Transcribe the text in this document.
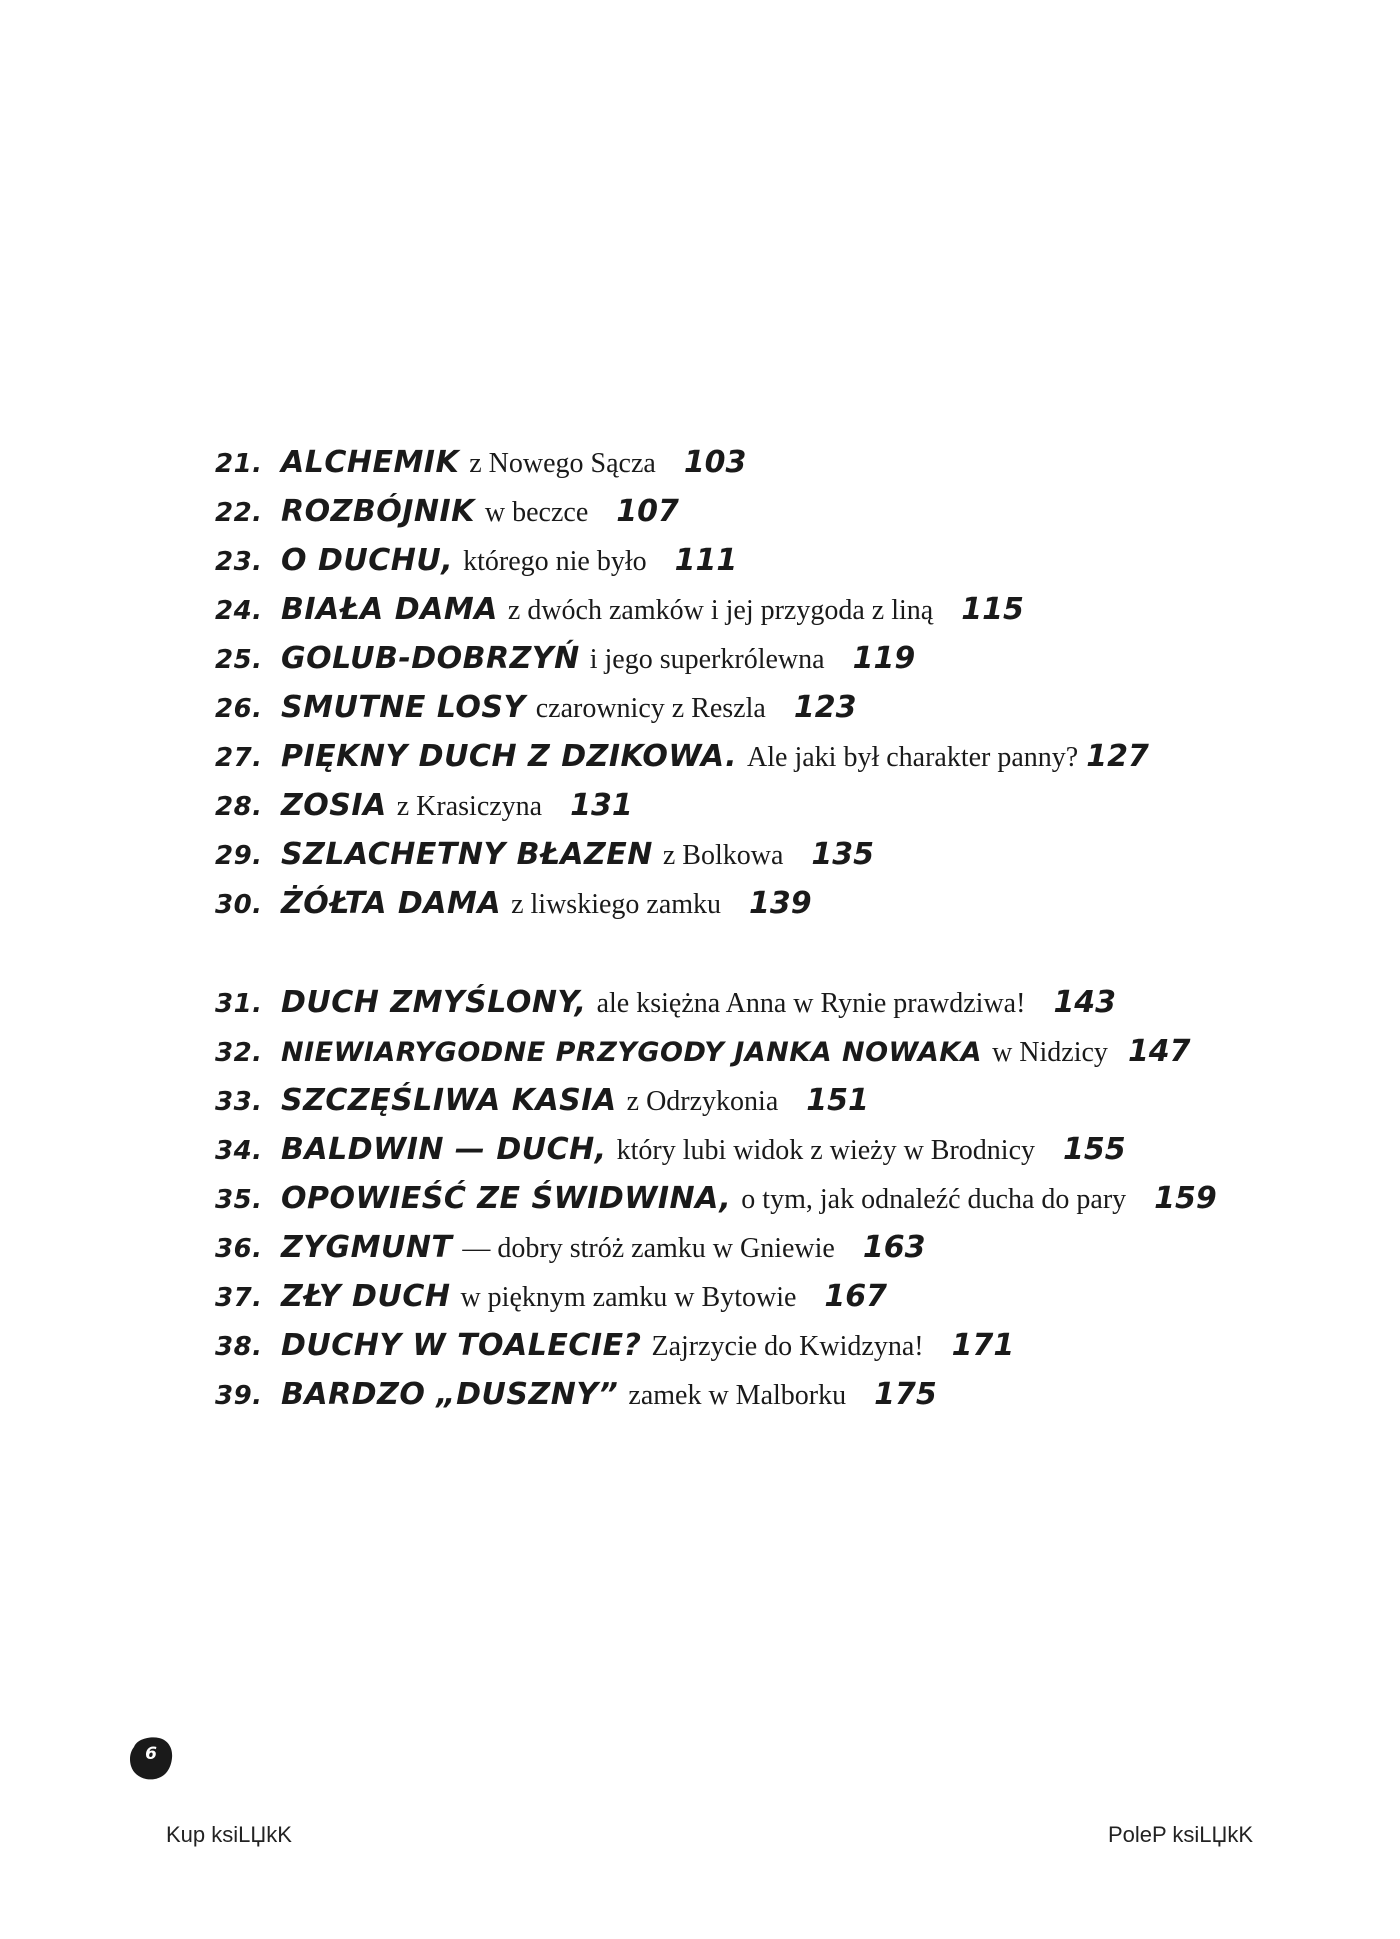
21. ALCHEMIK z Nowego Sącza 103
22. ROZBÓJNIK w beczce 107
23. O DUCHU, którego nie było 111
24. BIAŁA DAMA z dwóch zamków i jej przygoda z liną 115
25. GOLUB-DOBRZYŃ i jego superkrólewna 119
26. SMUTNE LOSY czarownicy z Reszla 123
27. PIĘKNY DUCH Z DZIKOWA. Ale jaki był charakter panny? 127
28. ZOSIA z Krasiczyna 131
29. SZLACHETNY BŁAZEN z Bolkowa 135
30. ŻÓŁTA DAMA z liwskiego zamku 139
31. DUCH ZMYŚLONY, ale księżna Anna w Rynie prawdziwa! 143
32. NIEWIARYGODNE PRZYGODY JANKA NOWAKA w Nidzicy 147
33. SZCZĘŚLIWA KASIA z Odrzykonia 151
34. BALDWIN — DUCH, który lubi widok z wieży w Brodnicy 155
35. OPOWIEŚĆ ZE ŚWIDWINA, o tym, jak odnaleźć ducha do pary 159
36. ZYGMUNT — dobry stróż zamku w Gniewie 163
37. ZŁY DUCH w pięknym zamku w Bytowie 167
38. DUCHY W TOALECIE? Zajrzycie do Kwidzyna! 171
39. BARDZO „DUSZNY” zamek w Malborku 175
6
Kup ksiLЏkK	PoleP ksiLЏkK
